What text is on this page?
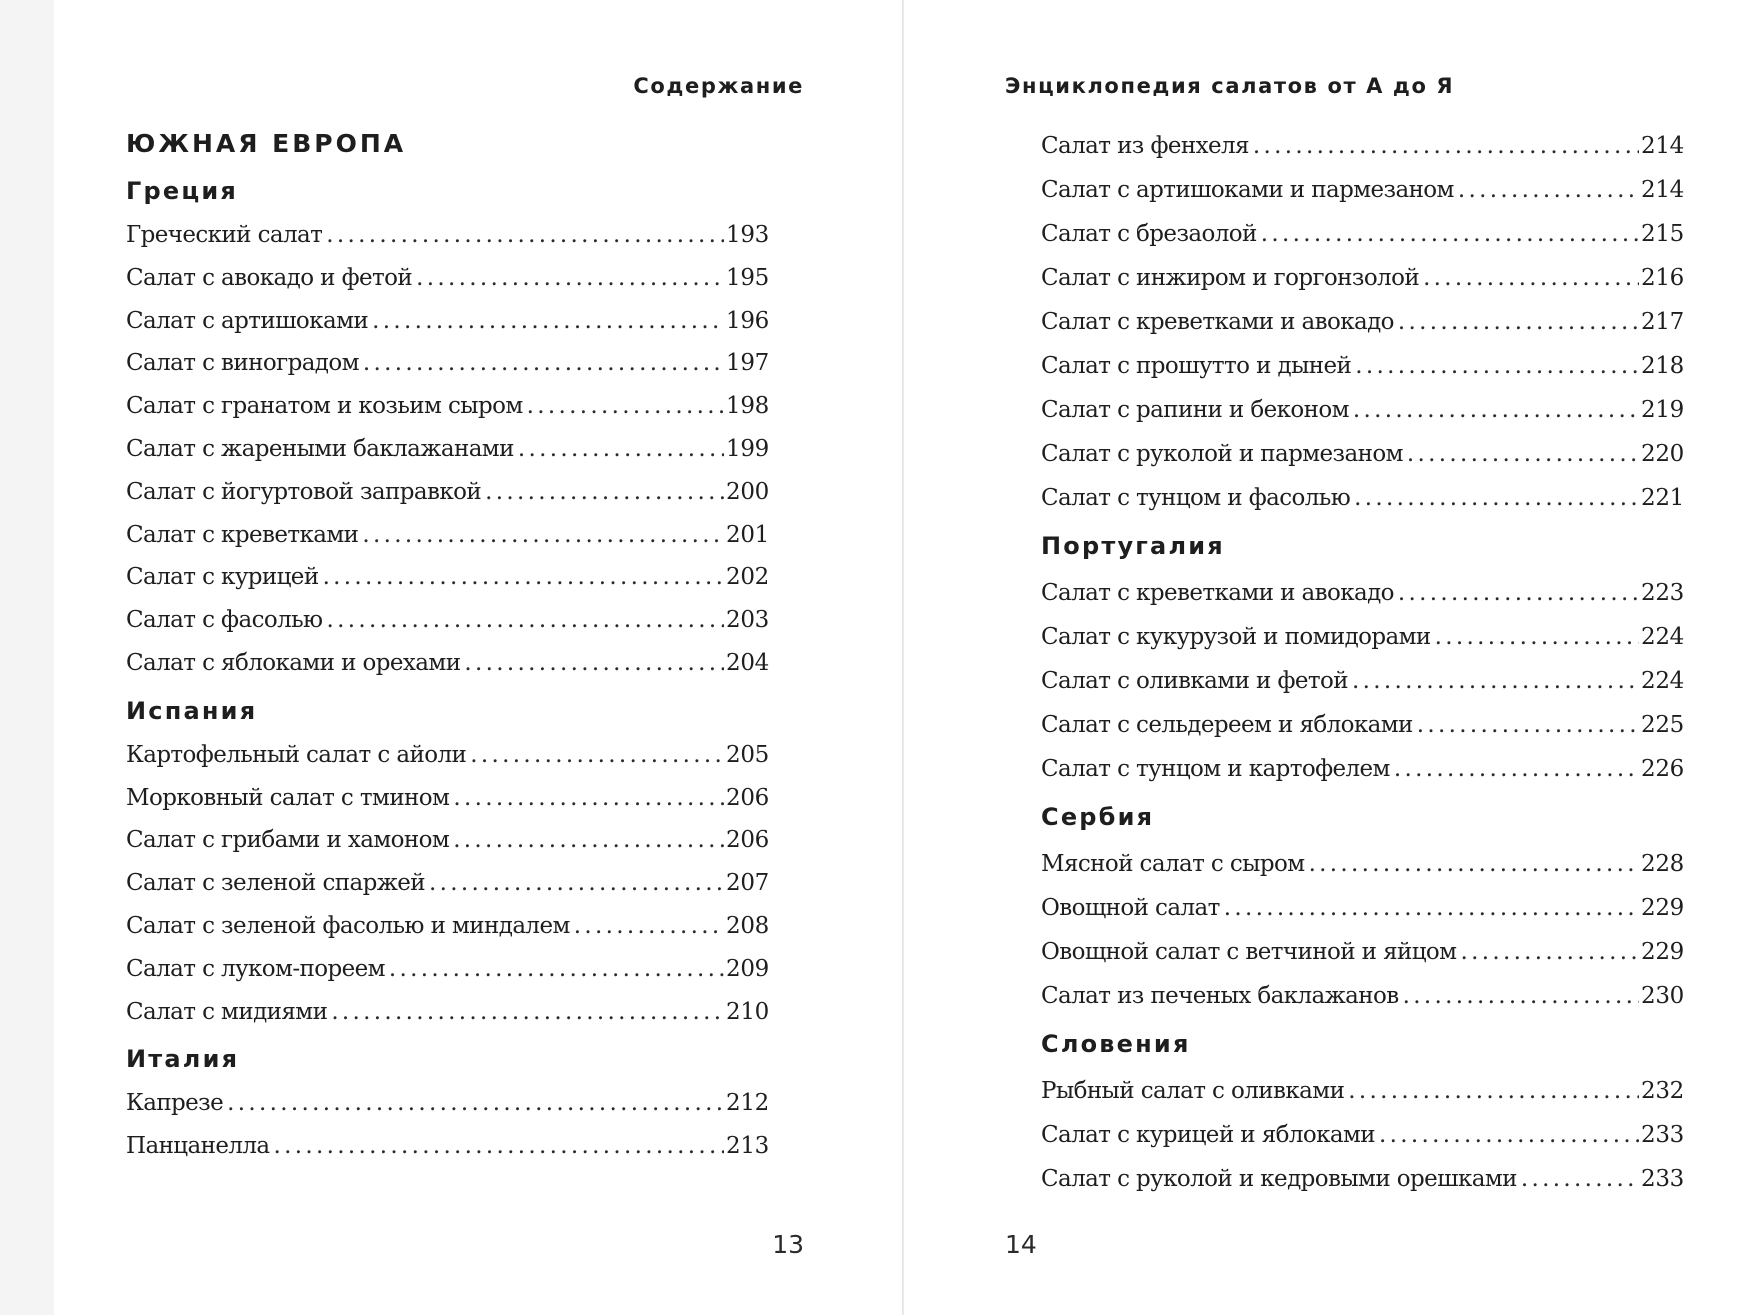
Содержание
ЮЖНАЯ ЕВРОПА
Греция
Греческий салат . . .	193
Салат с авокадо и фетой . . .	195
Салат с артишоками . . .	196
Салат с виноградом . . .	197
Салат с гранатом и козьим сыром . . .	198
Салат с жареными баклажанами . . .	199
Салат с йогуртовой заправкой . . .	200
Салат с креветками . . .	201
Салат с курицей . . .	202
Салат с фасолью . . .	203
Салат с яблоками и орехами . . .	204
Испания
Картофельный салат с айоли . . .	205
Морковный салат с тмином . . .	206
Салат с грибами и хамоном . . .	206
Салат с зеленой спаржей . . .	207
Салат с зеленой фасолью и миндалем . . .	208
Салат с луком-пореем . . .	209
Салат с мидиями . . .	210
Италия
Капрезе . . .	212
Панцанелла . . .	213
13
Энциклопедия салатов от А до Я
Салат из фенхеля . . .	214
Салат с артишоками и пармезаном . . .	214
Салат с брезаолой . . .	215
Салат с инжиром и горгонзолой . . .	216
Салат с креветками и авокадо . . .	217
Салат с прошутто и дыней . . .	218
Салат с рапини и беконом . . .	219
Салат с руколой и пармезаном . . .	220
Салат с тунцом и фасолью . . .	221
Португалия
Салат с креветками и авокадо . . .	223
Салат с кукурузой и помидорами . . .	224
Салат с оливками и фетой . . .	224
Салат с сельдереем и яблоками . . .	225
Салат с тунцом и картофелем . . .	226
Сербия
Мясной салат с сыром . . .	228
Овощной салат . . .	229
Овощной салат с ветчиной и яйцом . . .	229
Салат из печеных баклажанов . . .	230
Словения
Рыбный салат с оливками . . .	232
Салат с курицей и яблоками . . .	233
Салат с руколой и кедровыми орешками . . .	233
14
